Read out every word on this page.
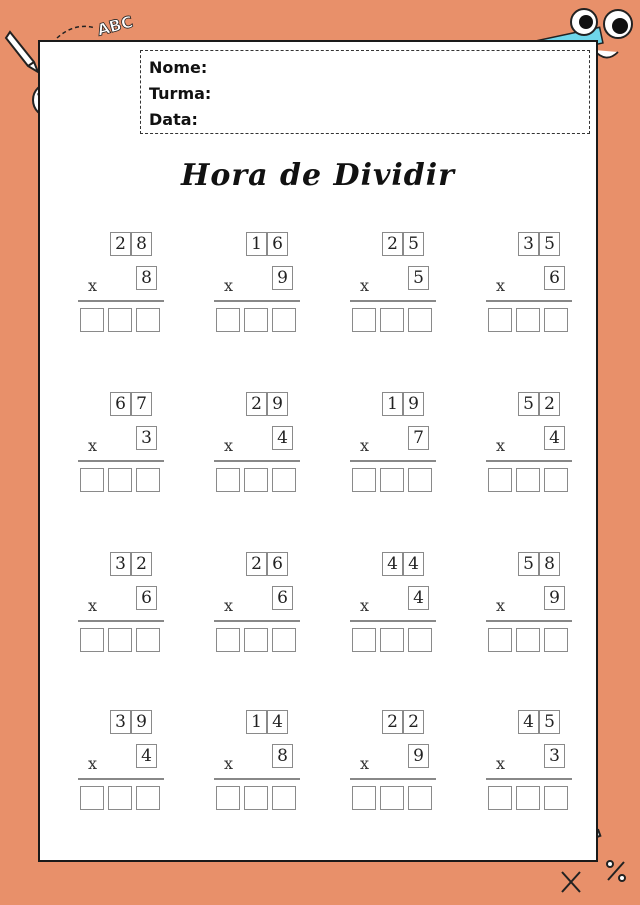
ABC
Nome:
Turma:
Data:
Hora de Dividir
2 8
x	8
1 6
x	9
2 5
x	5
3 5
x	6
6 7
x	3
2 9
x	4
1 9
x	7
5 2
x	4
3 2
x	6
2 6
x	6
4 4
x	4
5 8
x	9
3 9
x	4
1 4
x	8
2 2
x	9
4 5
x	3
